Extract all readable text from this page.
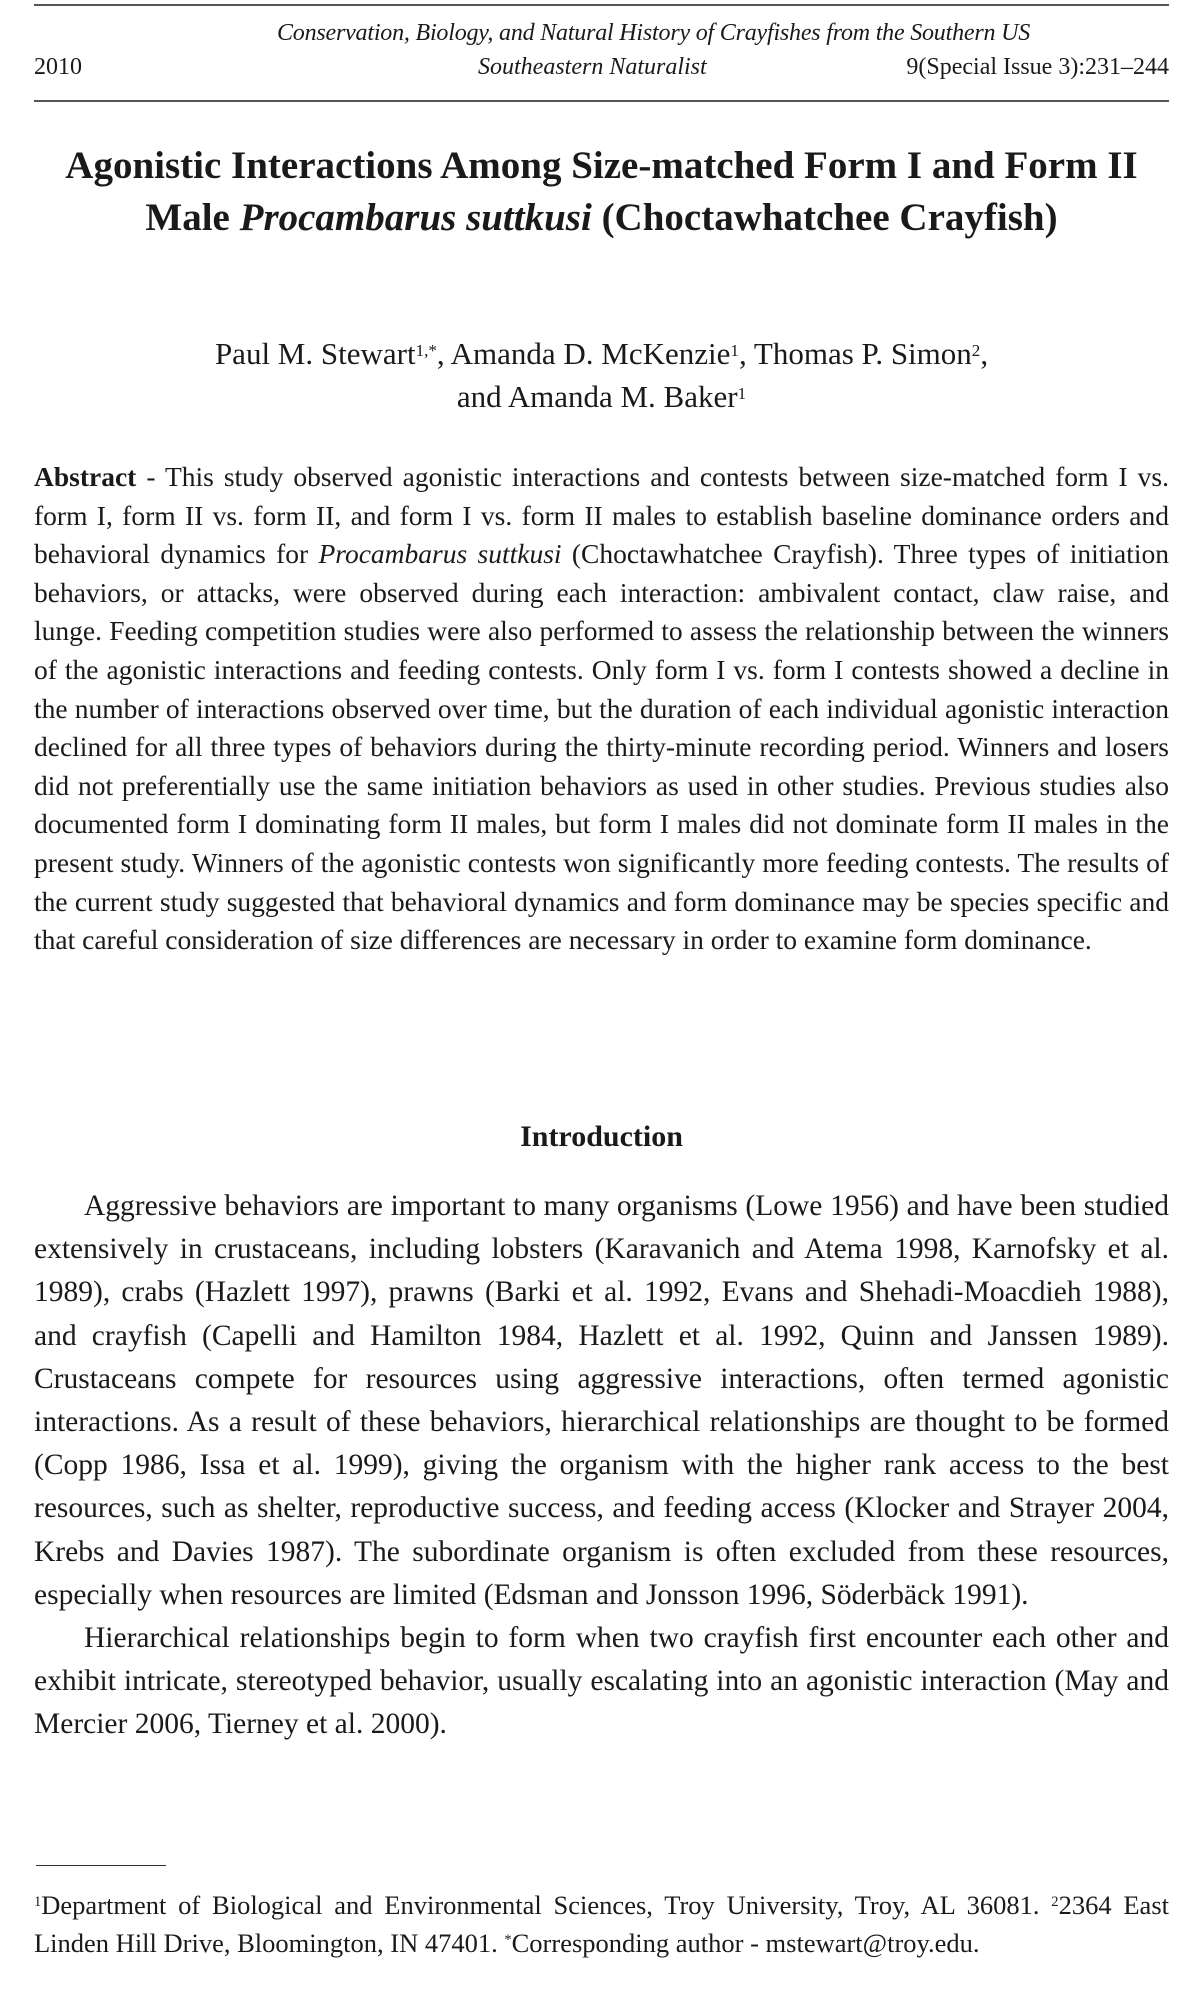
Conservation, Biology, and Natural History of Crayfishes from the Southern US
2010	Southeastern Naturalist	9(Special Issue 3):231–244
Agonistic Interactions Among Size-matched Form I and Form II Male Procambarus suttkusi (Choctawhatchee Crayfish)
Paul M. Stewart$^{1,*}$, Amanda D. McKenzie$^1$, Thomas P. Simon$^2$,
and Amanda M. Baker$^1$
Abstract - This study observed agonistic interactions and contests between size-matched form I vs. form I, form II vs. form II, and form I vs. form II males to establish baseline dominance orders and behavioral dynamics for Procambarus suttkusi (Choctawhatchee Crayfish). Three types of initiation behaviors, or attacks, were observed during each interaction: ambivalent contact, claw raise, and lunge. Feeding competition studies were also performed to assess the relationship between the winners of the agonistic interactions and feeding contests. Only form I vs. form I contests showed a decline in the number of interactions observed over time, but the duration of each individual agonistic interaction declined for all three types of behaviors during the thirty-minute recording period. Winners and losers did not preferentially use the same initiation behaviors as used in other studies. Previous studies also documented form I dominating form II males, but form I males did not dominate form II males in the present study. Winners of the agonistic contests won significantly more feeding contests. The results of the current study suggested that behavioral dynamics and form dominance may be species specific and that careful consideration of size differences are necessary in order to examine form dominance.
Introduction

Aggressive behaviors are important to many organisms (Lowe 1956) and have been studied extensively in crustaceans, including lobsters (Karavanich and Atema 1998, Karnofsky et al. 1989), crabs (Hazlett 1997), prawns (Barki et al. 1992, Evans and Shehadi-Moacdieh 1988), and crayfish (Capelli and Hamilton 1984, Hazlett et al. 1992, Quinn and Janssen 1989). Crustaceans compete for resources using aggressive interactions, often termed agonistic interactions. As a result of these behaviors, hierarchical relationships are thought to be formed (Copp 1986, Issa et al. 1999), giving the organism with the higher rank access to the best resources, such as shelter, reproductive success, and feeding access (Klocker and Strayer 2004, Krebs and Davies 1987). The subordinate organism is often excluded from these resources, especially when resources are limited (Edsman and Jonsson 1996, Söderbäck 1991).

Hierarchical relationships begin to form when two crayfish first encounter each other and exhibit intricate, stereotyped behavior, usually escalating into an agonistic interaction (May and Mercier 2006, Tierney et al. 2000).

$^1$Department of Biological and Environmental Sciences, Troy University, Troy, AL 36081. $^2$2364 East Linden Hill Drive, Bloomington, IN 47401. *Corresponding author - mstewart@troy.edu.
